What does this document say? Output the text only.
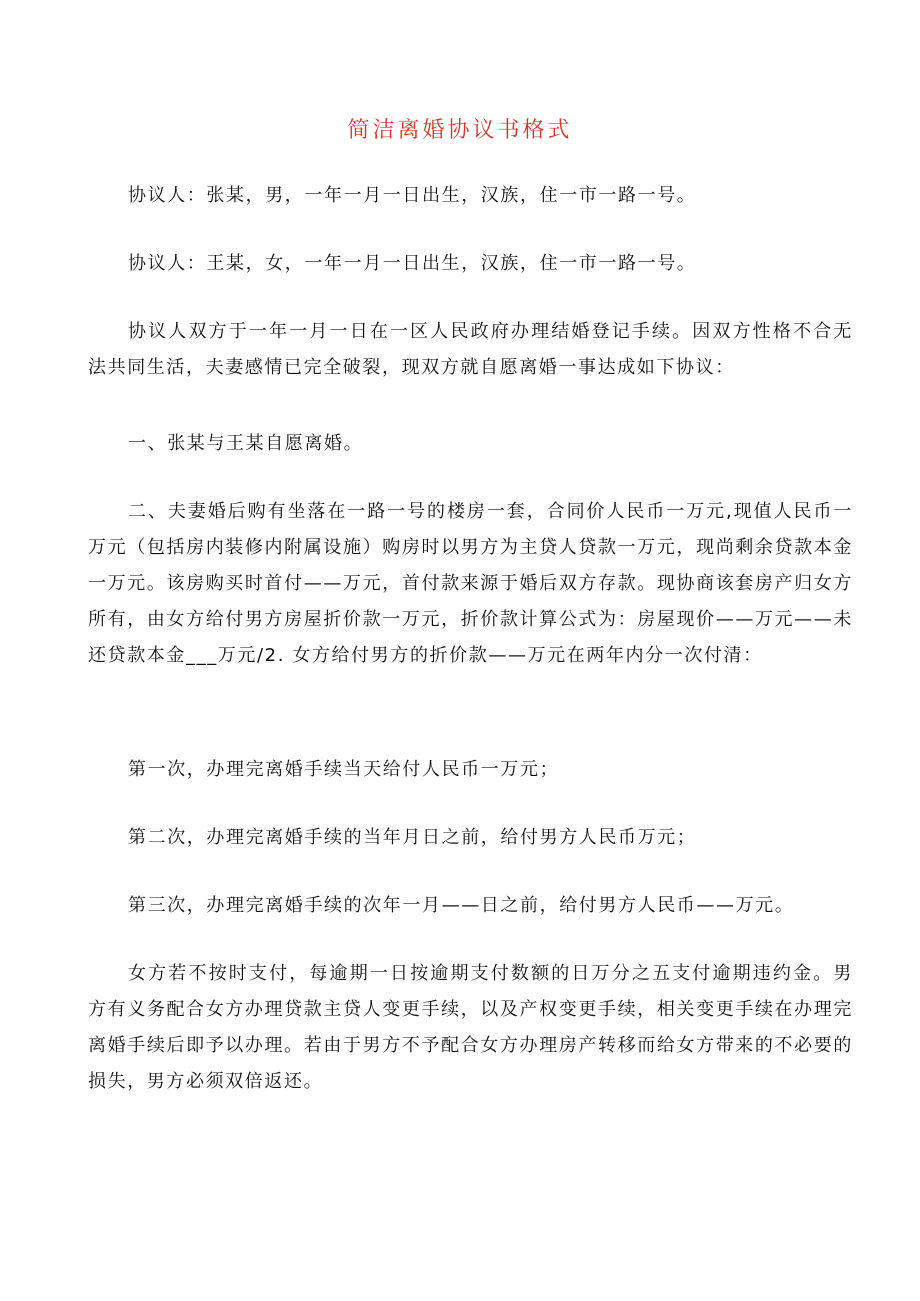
简洁离婚协议书格式

协议人：张某，男，一年一月一日出生，汉族，住一市一路一号。

协议人：王某，女，一年一月一日出生，汉族，住一市一路一号。

协议人双方于一年一月一日在一区人民政府办理结婚登记手续。因双方性格不合无法共同生活，夫妻感情已完全破裂，现双方就自愿离婚一事达成如下协议：

一、张某与王某自愿离婚。

二、夫妻婚后购有坐落在一路一号的楼房一套，合同价人民币一万元,现值人民币一万元（包括房内装修内附属设施）购房时以男方为主贷人贷款一万元，现尚剩余贷款本金一万元。该房购买时首付——万元，首付款来源于婚后双方存款。现协商该套房产归女方所有，由女方给付男方房屋折价款一万元，折价款计算公式为：房屋现价——万元——未还贷款本金___万元/2. 女方给付男方的折价款——万元在两年内分一次付清：

第一次，办理完离婚手续当天给付人民币一万元；

第二次，办理完离婚手续的当年月日之前，给付男方人民币万元；

第三次，办理完离婚手续的次年一月——日之前，给付男方人民币——万元。

女方若不按时支付，每逾期一日按逾期支付数额的日万分之五支付逾期违约金。男方有义务配合女方办理贷款主贷人变更手续，以及产权变更手续，相关变更手续在办理完离婚手续后即予以办理。若由于男方不予配合女方办理房产转移而给女方带来的不必要的损失，男方必须双倍返还。
